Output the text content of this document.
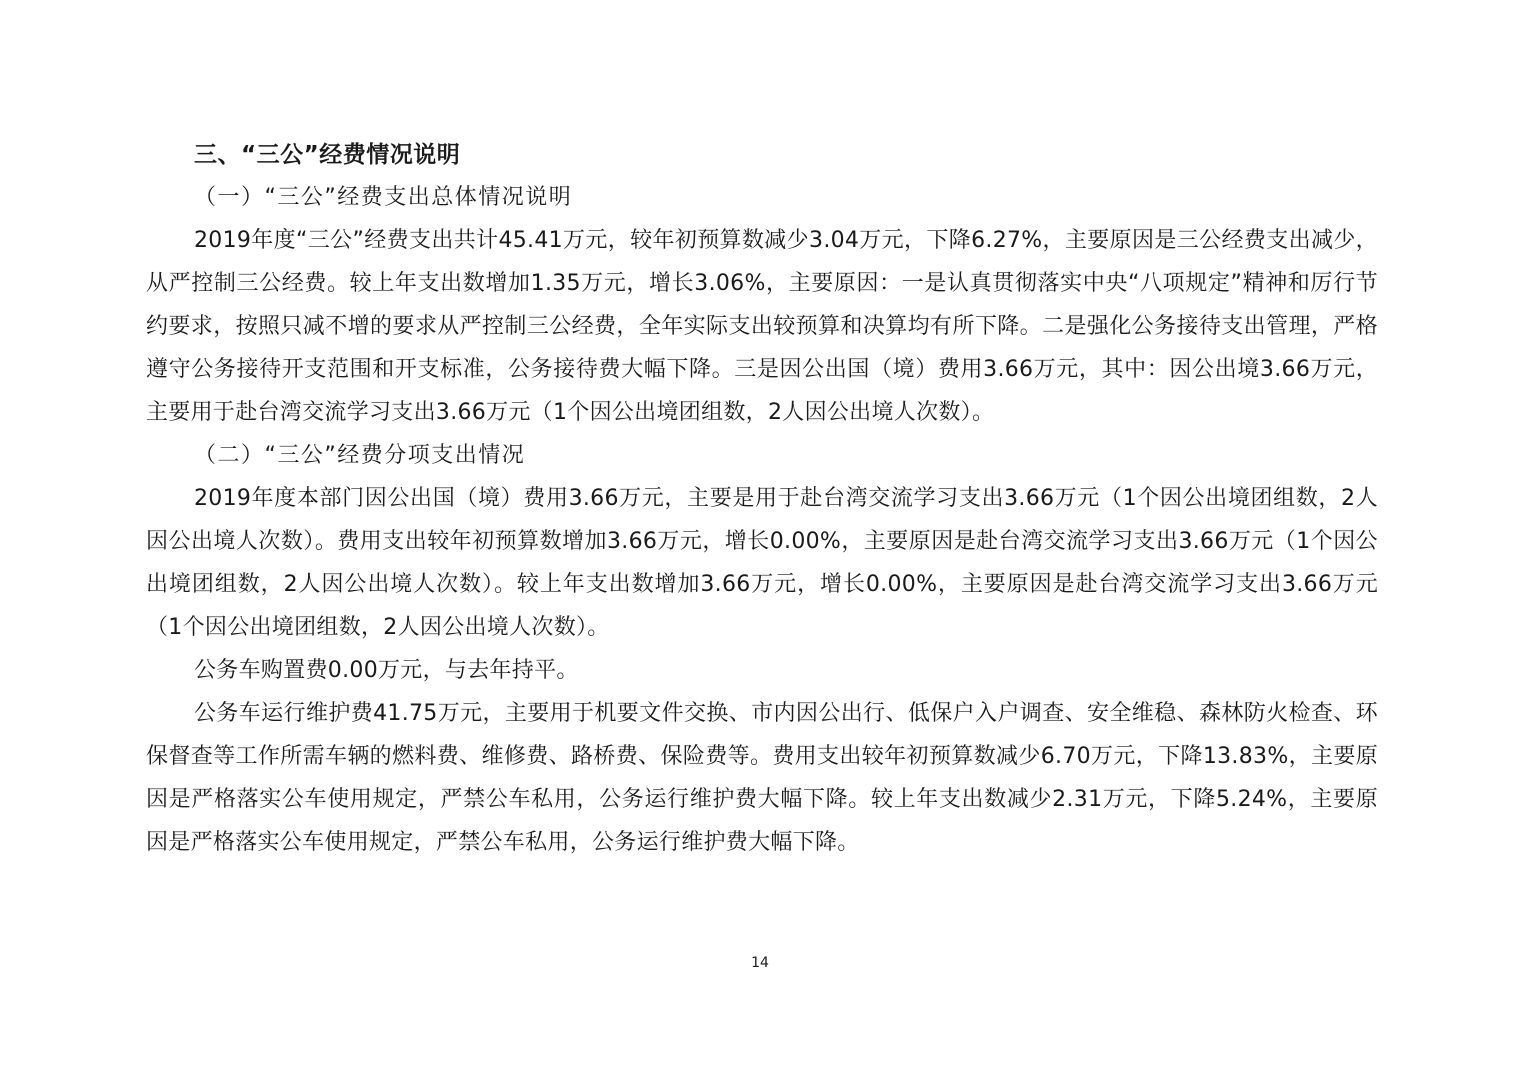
三、“三公”经费情况说明

（一）“三公”经费支出总体情况说明

2019年度“三公”经费支出共计45.41万元，较年初预算数减少3.04万元，下降6.27%，主要原因是三公经费支出减少，从严控制三公经费。较上年支出数增加1.35万元，增长3.06%，主要原因：一是认真贯彻落实中央“八项规定”精神和厉行节约要求，按照只减不增的要求从严控制三公经费，全年实际支出较预算和决算均有所下降。二是强化公务接待支出管理，严格遵守公务接待开支范围和开支标准，公务接待费大幅下降。三是因公出国（境）费用3.66万元，其中：因公出境3.66万元，主要用于赴台湾交流学习支出3.66万元（1个因公出境团组数，2人因公出境人次数）。

（二）“三公”经费分项支出情况

2019年度本部门因公出国（境）费用3.66万元，主要是用于赴台湾交流学习支出3.66万元（1个因公出境团组数，2人因公出境人次数）。费用支出较年初预算数增加3.66万元，增长0.00%，主要原因是赴台湾交流学习支出3.66万元（1个因公出境团组数，2人因公出境人次数）。较上年支出数增加3.66万元，增长0.00%，主要原因是赴台湾交流学习支出3.66万元（1个因公出境团组数，2人因公出境人次数）。

公务车购置费0.00万元，与去年持平。

公务车运行维护费41.75万元，主要用于机要文件交换、市内因公出行、低保户入户调查、安全维稳、森林防火检查、环保督查等工作所需车辆的燃料费、维修费、路桥费、保险费等。费用支出较年初预算数减少6.70万元，下降13.83%，主要原因是严格落实公车使用规定，严禁公车私用，公务运行维护费大幅下降。较上年支出数减少2.31万元，下降5.24%，主要原因是严格落实公车使用规定，严禁公车私用，公务运行维护费大幅下降。

14
